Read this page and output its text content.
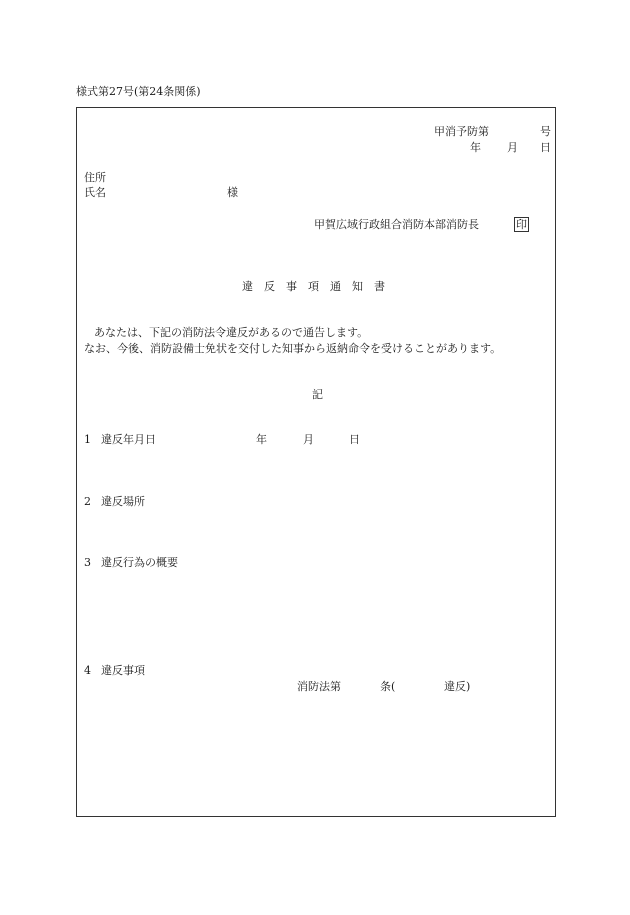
様式第27号(第24条関係)
甲消予防第	号
年 月 日
住所
氏名	様
甲賀広域行政組合消防本部消防長	印
違反事項通知書
あなたは、下記の消防法令違反があるので通告します。
なお、今後、消防設備士免状を交付した知事から返納命令を受けることがあります。
記
1 違反年月日	年	月	日
2 違反場所
3 違反行為の概要
4 違反事項
消防法第	条(	違反)
